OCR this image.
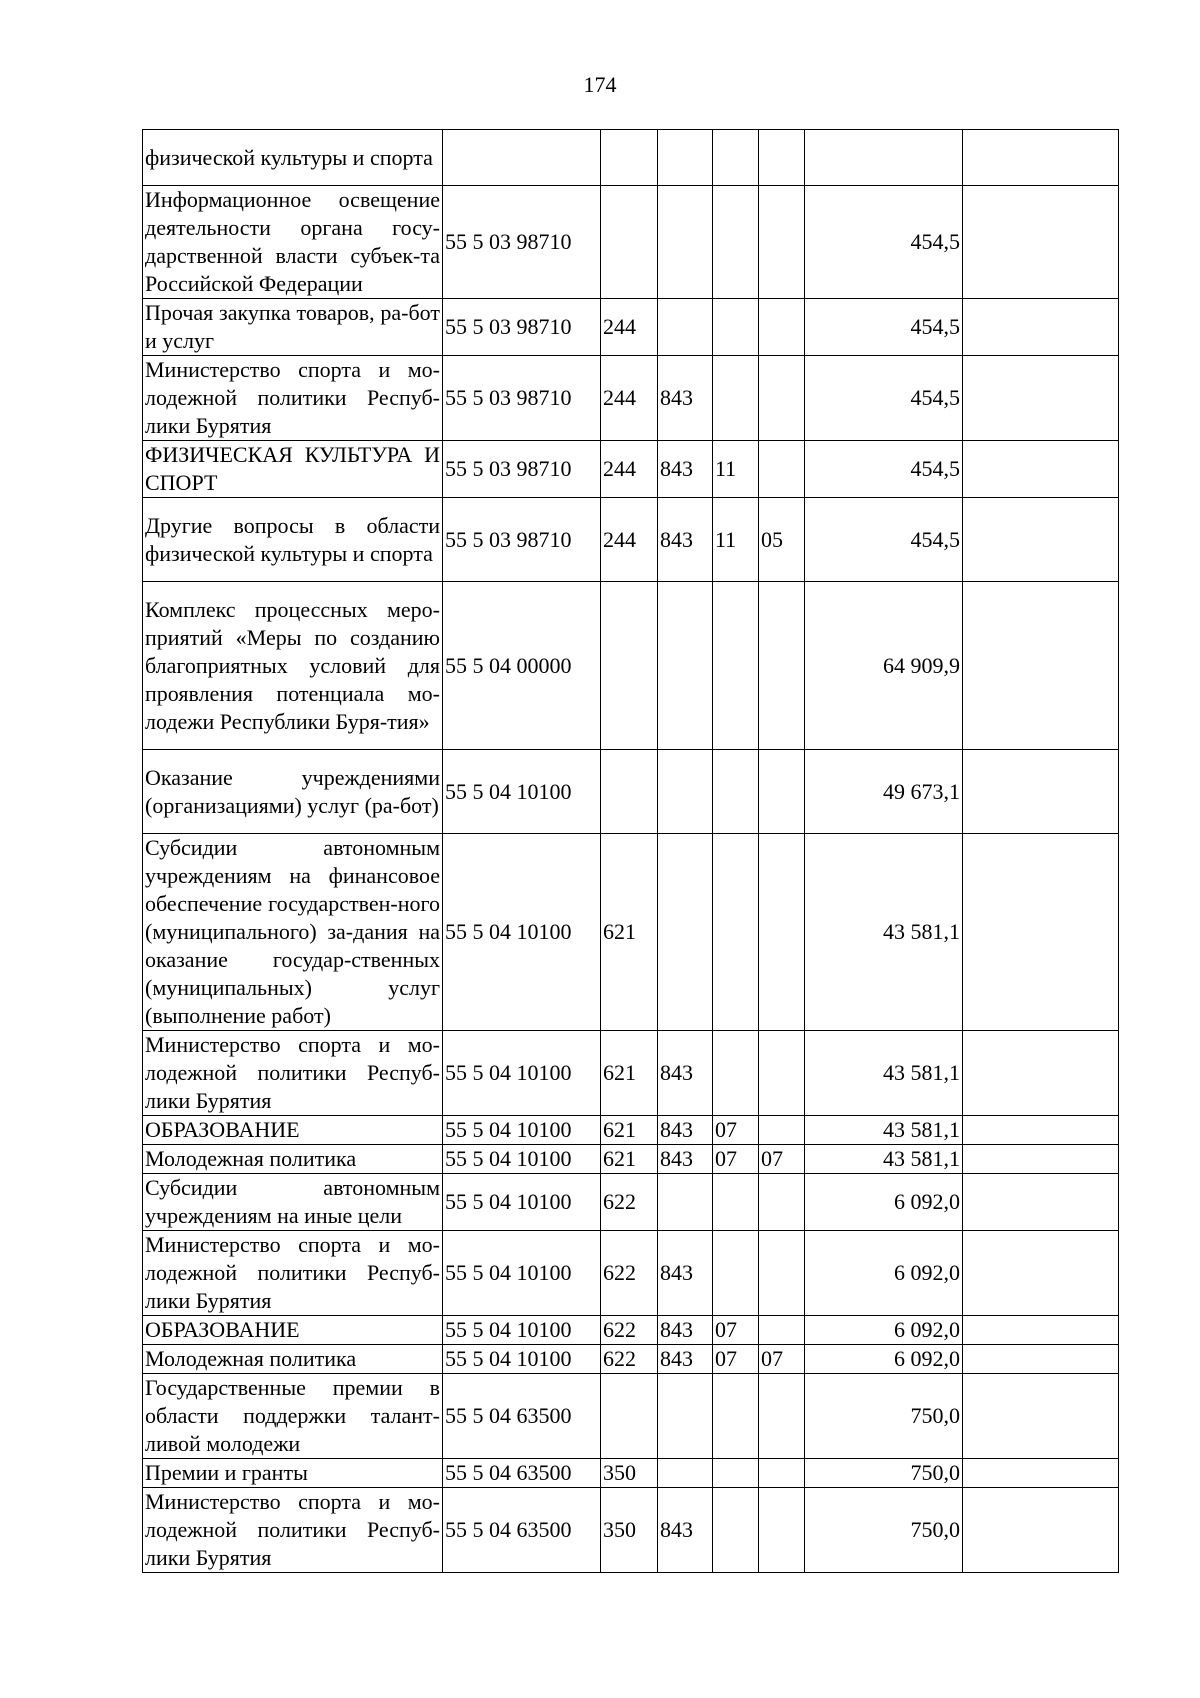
174
физической культуры и спорта							
Информационное освещение деятельности органа госу-дарственной власти субъек-та Российской Федерации	55 5 03 98710					454,5	
Прочая закупка товаров, ра-бот и услуг	55 5 03 98710	244				454,5	
Министерство спорта и мо-лодежной политики Респуб-лики Бурятия	55 5 03 98710	244	843			454,5	
ФИЗИЧЕСКАЯ КУЛЬТУРА И СПОРТ	55 5 03 98710	244	843	11		454,5	
Другие вопросы в области физической культуры и спорта	55 5 03 98710	244	843	11	05	454,5	
Комплекс процессных меро-приятий «Меры по созданию благоприятных условий для проявления потенциала мо-лодежи Республики Буря-тия»	55 5 04 00000					64 909,9	
Оказание учреждениями (организациями) услуг (ра-бот)	55 5 04 10100					49 673,1	
Субсидии автономным учреждениям на финансовое обеспечение государствен-ного (муниципального) за-дания на оказание государ-ственных (муниципальных) услуг (выполнение работ)	55 5 04 10100	621				43 581,1	
Министерство спорта и мо-лодежной политики Респуб-лики Бурятия	55 5 04 10100	621	843			43 581,1	
ОБРАЗОВАНИЕ	55 5 04 10100	621	843	07		43 581,1	
Молодежная политика	55 5 04 10100	621	843	07	07	43 581,1	
Субсидии автономным учреждениям на иные цели	55 5 04 10100	622				6 092,0	
Министерство спорта и мо-лодежной политики Респуб-лики Бурятия	55 5 04 10100	622	843			6 092,0	
ОБРАЗОВАНИЕ	55 5 04 10100	622	843	07		6 092,0	
Молодежная политика	55 5 04 10100	622	843	07	07	6 092,0	
Государственные премии в области поддержки талант-ливой молодежи	55 5 04 63500					750,0	
Премии и гранты	55 5 04 63500	350				750,0	
Министерство спорта и мо-лодежной политики Респуб-лики Бурятия	55 5 04 63500	350	843			750,0	
